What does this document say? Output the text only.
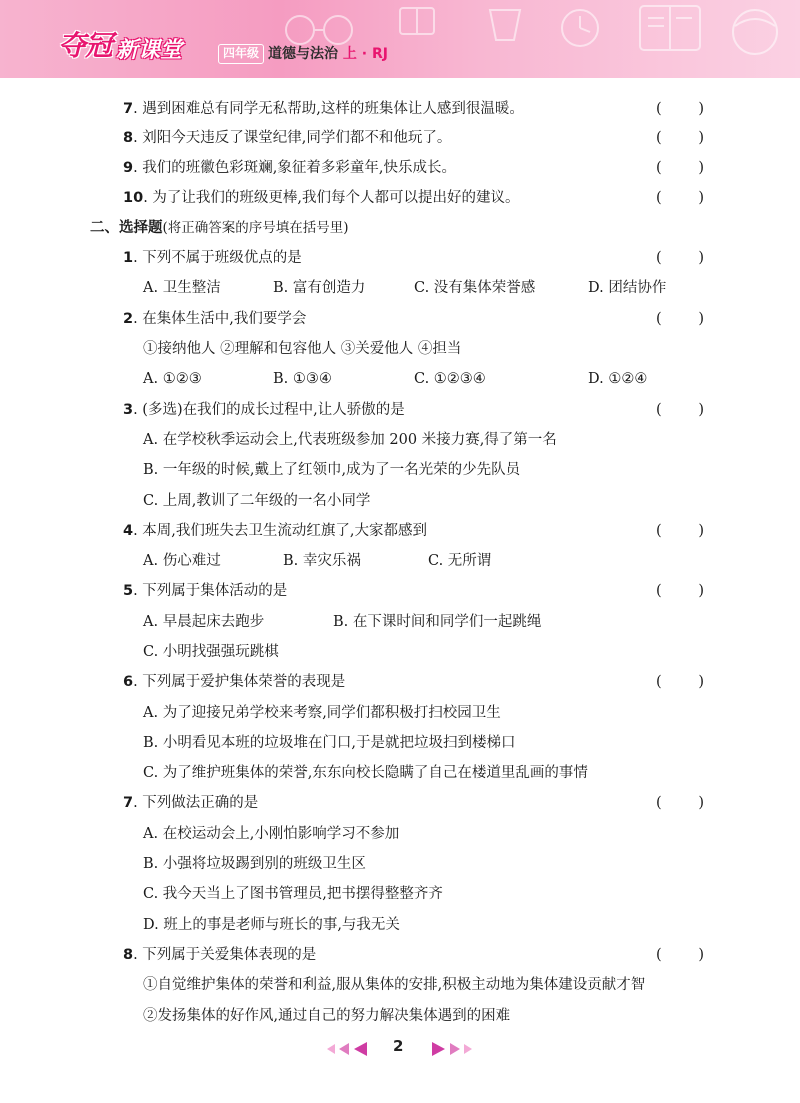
夺冠 新课堂	四年级 道德与法治 上 · RJ
7. 遇到困难总有同学无私帮助,这样的班集体让人感到很温暖。	(	)
8. 刘阳今天违反了课堂纪律,同学们都不和他玩了。	(	)
9. 我们的班徽色彩斑斓,象征着多彩童年,快乐成长。	(	)
10. 为了让我们的班级更棒,我们每个人都可以提出好的建议。	(	)
二、选择题(将正确答案的序号填在括号里)
1. 下列不属于班级优点的是	(	)
A. 卫生整洁	B. 富有创造力	C. 没有集体荣誉感	D. 团结协作
2. 在集体生活中,我们要学会	(	)
①接纳他人 ②理解和包容他人 ③关爱他人 ④担当
A. ①②③	B. ①③④	C. ①②③④	D. ①②④
3. (多选)在我们的成长过程中,让人骄傲的是	(	)
A. 在学校秋季运动会上,代表班级参加 200 米接力赛,得了第一名
B. 一年级的时候,戴上了红领巾,成为了一名光荣的少先队员
C. 上周,教训了二年级的一名小同学
4. 本周,我们班失去卫生流动红旗了,大家都感到	(	)
A. 伤心难过	B. 幸灾乐祸	C. 无所谓
5. 下列属于集体活动的是	(	)
A. 早晨起床去跑步	B. 在下课时间和同学们一起跳绳
C. 小明找强强玩跳棋
6. 下列属于爱护集体荣誉的表现是	(	)
A. 为了迎接兄弟学校来考察,同学们都积极打扫校园卫生
B. 小明看见本班的垃圾堆在门口,于是就把垃圾扫到楼梯口
C. 为了维护班集体的荣誉,东东向校长隐瞒了自己在楼道里乱画的事情
7. 下列做法正确的是	(	)
A. 在校运动会上,小刚怕影响学习不参加
B. 小强将垃圾踢到别的班级卫生区
C. 我今天当上了图书管理员,把书摆得整整齐齐
D. 班上的事是老师与班长的事,与我无关
8. 下列属于关爱集体表现的是	(	)
①自觉维护集体的荣誉和利益,服从集体的安排,积极主动地为集体建设贡献才智
②发扬集体的好作风,通过自己的努力解决集体遇到的困难
2
